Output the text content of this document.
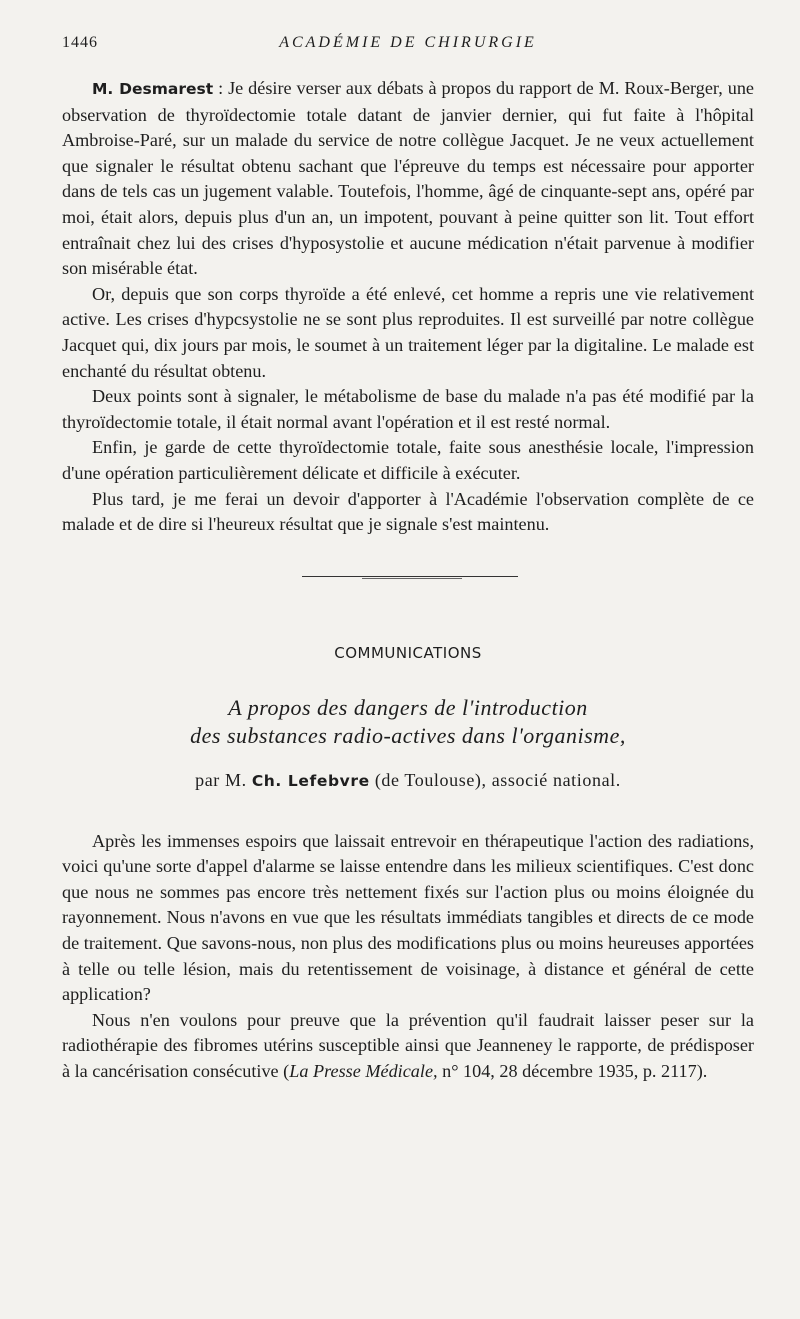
1446	ACADÉMIE DE CHIRURGIE

M. Desmarest : Je désire verser aux débats à propos du rapport de M. Roux-Berger, une observation de thyroïdectomie totale datant de janvier dernier, qui fut faite à l'hôpital Ambroise-Paré, sur un malade du service de notre collègue Jacquet. Je ne veux actuellement que signaler le résultat obtenu sachant que l'épreuve du temps est nécessaire pour apporter dans de tels cas un jugement valable. Toutefois, l'homme, âgé de cinquante-sept ans, opéré par moi, était alors, depuis plus d'un an, un impotent, pouvant à peine quitter son lit. Tout effort entraînait chez lui des crises d'hyposystolie et aucune médication n'était parvenue à modifier son misérable état.

Or, depuis que son corps thyroïde a été enlevé, cet homme a repris une vie relativement active. Les crises d'hypcsystolie ne se sont plus reproduites. Il est surveillé par notre collègue Jacquet qui, dix jours par mois, le soumet à un traitement léger par la digitaline. Le malade est enchanté du résultat obtenu.

Deux points sont à signaler, le métabolisme de base du malade n'a pas été modifié par la thyroïdectomie totale, il était normal avant l'opération et il est resté normal.

Enfin, je garde de cette thyroïdectomie totale, faite sous anesthésie locale, l'impression d'une opération particulièrement délicate et difficile à exécuter.

Plus tard, je me ferai un devoir d'apporter à l'Académie l'observation complète de ce malade et de dire si l'heureux résultat que je signale s'est maintenu.

COMMUNICATIONS
A propos des dangers de l'introduction
des substances radio-actives dans l'organisme,
par M. Ch. Lefebvre (de Toulouse), associé national.

Après les immenses espoirs que laissait entrevoir en thérapeutique l'action des radiations, voici qu'une sorte d'appel d'alarme se laisse entendre dans les milieux scientifiques. C'est donc que nous ne sommes pas encore très nettement fixés sur l'action plus ou moins éloignée du rayonnement. Nous n'avons en vue que les résultats immédiats tangibles et directs de ce mode de traitement. Que savons-nous, non plus des modifications plus ou moins heureuses apportées à telle ou telle lésion, mais du retentissement de voisinage, à distance et général de cette application?

Nous n'en voulons pour preuve que la prévention qu'il faudrait laisser peser sur la radiothérapie des fibromes utérins susceptible ainsi que Jeanneney le rapporte, de prédisposer à la cancérisation consécutive (La Presse Médicale, n° 104, 28 décembre 1935, p. 2117).
